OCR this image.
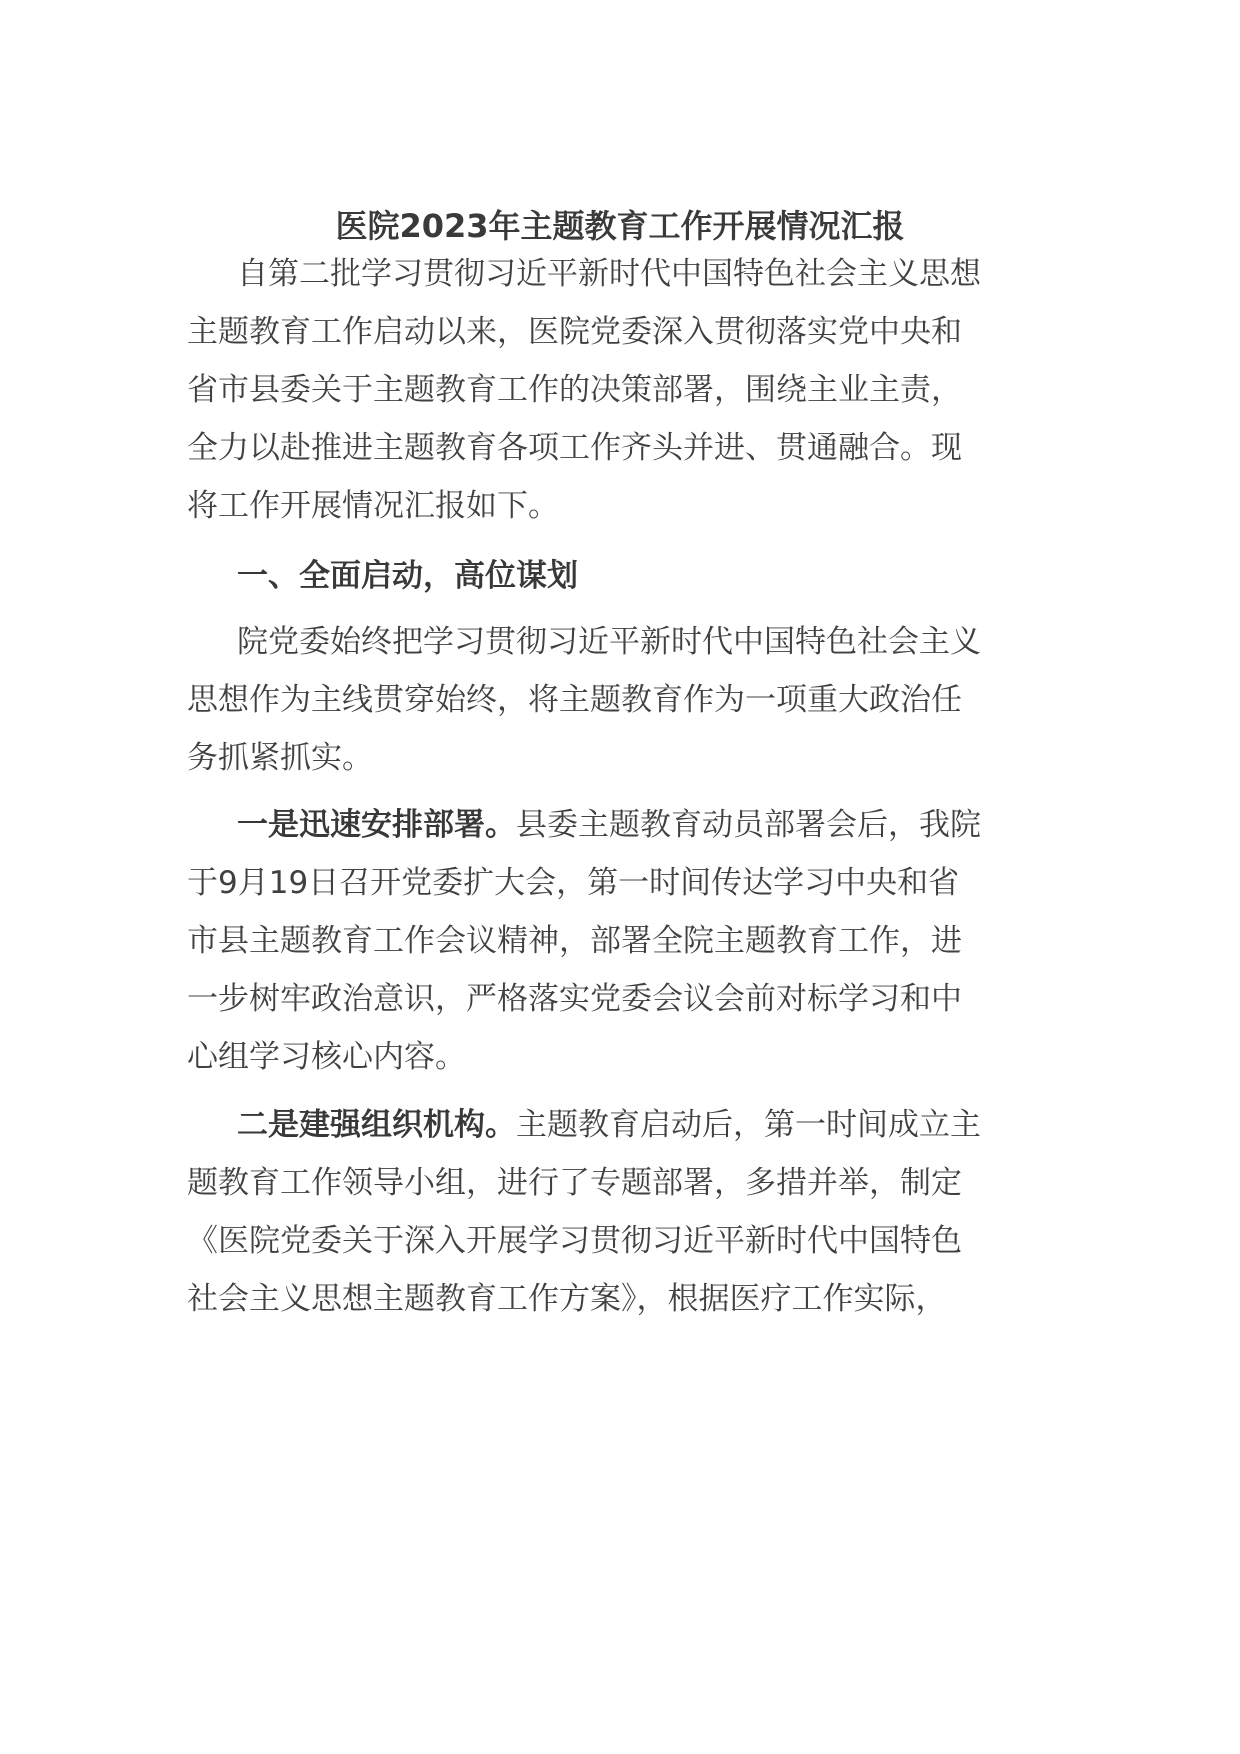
医院2023年主题教育工作开展情况汇报

自第二批学习贯彻习近平新时代中国特色社会主义思想

主题教育工作启动以来，医院党委深入贯彻落实党中央和

省市县委关于主题教育工作的决策部署，围绕主业主责，

全力以赴推进主题教育各项工作齐头并进、贯通融合。现

将工作开展情况汇报如下。

一、全面启动，高位谋划

院党委始终把学习贯彻习近平新时代中国特色社会主义

思想作为主线贯穿始终，将主题教育作为一项重大政治任

务抓紧抓实。

一是迅速安排部署。县委主题教育动员部署会后，我院

于9月19日召开党委扩大会，第一时间传达学习中央和省

市县主题教育工作会议精神，部署全院主题教育工作，进

一步树牢政治意识，严格落实党委会议会前对标学习和中

心组学习核心内容。

二是建强组织机构。主题教育启动后，第一时间成立主

题教育工作领导小组，进行了专题部署，多措并举，制定

《医院党委关于深入开展学习贯彻习近平新时代中国特色

社会主义思想主题教育工作方案》，根据医疗工作实际，
